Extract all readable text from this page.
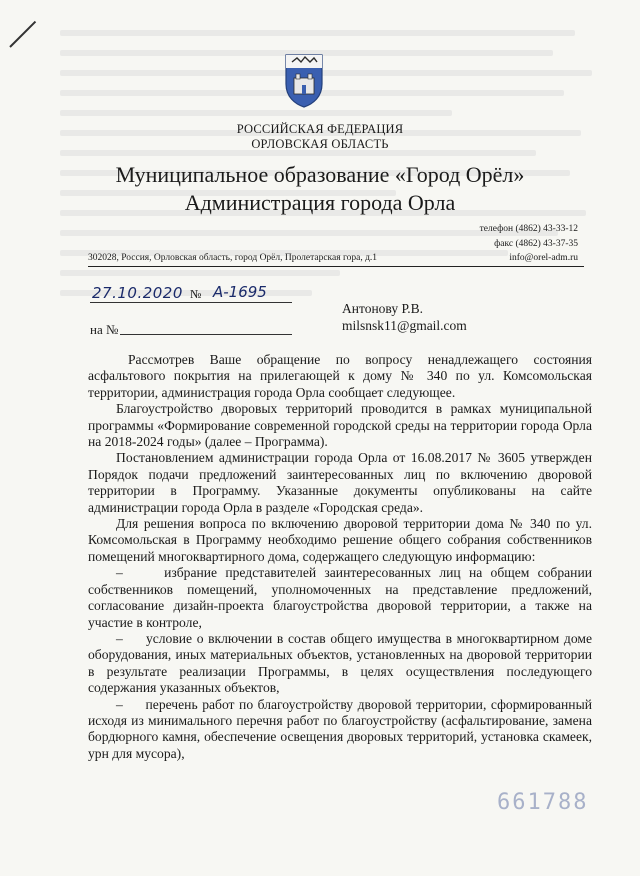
РОССИЙСКАЯ ФЕДЕРАЦИЯ
ОРЛОВСКАЯ ОБЛАСТЬ
Муниципальное образование «Город Орёл»
Администрация города Орла
телефон (4862) 43-33-12
факс (4862) 43-37-35
info@orel-adm.ru
302028, Россия, Орловская область, город Орёл, Пролетарская гора, д.1
27.10.2020 № А-1695
на №
Антонову Р.В.
milsnsk11@gmail.com

Рассмотрев Ваше обращение по вопросу ненадлежащего состояния асфальтового покрытия на прилегающей к дому № 340 по ул. Комсомольская территории, администрация города Орла сообщает следующее.

Благоустройство дворовых территорий проводится в рамках муниципальной программы «Формирование современной городской среды на территории города Орла на 2018-2024 годы» (далее – Программа).

Постановлением администрации города Орла от 16.08.2017 № 3605 утвержден Порядок подачи предложений заинтересованных лиц по включению дворовой территории в Программу. Указанные документы опубликованы на сайте администрации города Орла в разделе «Городская среда».

Для решения вопроса по включению дворовой территории дома № 340 по ул. Комсомольская в Программу необходимо решение общего собрания собственников помещений многоквартирного дома, содержащего следующую информацию:

–     избрание представителей заинтересованных лиц на общем собрании собственников помещений, уполномоченных на представление предложений, согласование дизайн-проекта благоустройства дворовой территории, а также на участие в контроле,

–     условие о включении в состав общего имущества в многоквартирном доме оборудования, иных материальных объектов, установленных на дворовой территории в результате реализации Программы, в целях осуществления последующего содержания указанных объектов,

–     перечень работ по благоустройству дворовой территории, сформированный исходя из минимального перечня работ по благоустройству (асфальтирование, замена бордюрного камня, обеспечение освещения дворовых территорий, установка скамеек, урн для мусора),

661788
